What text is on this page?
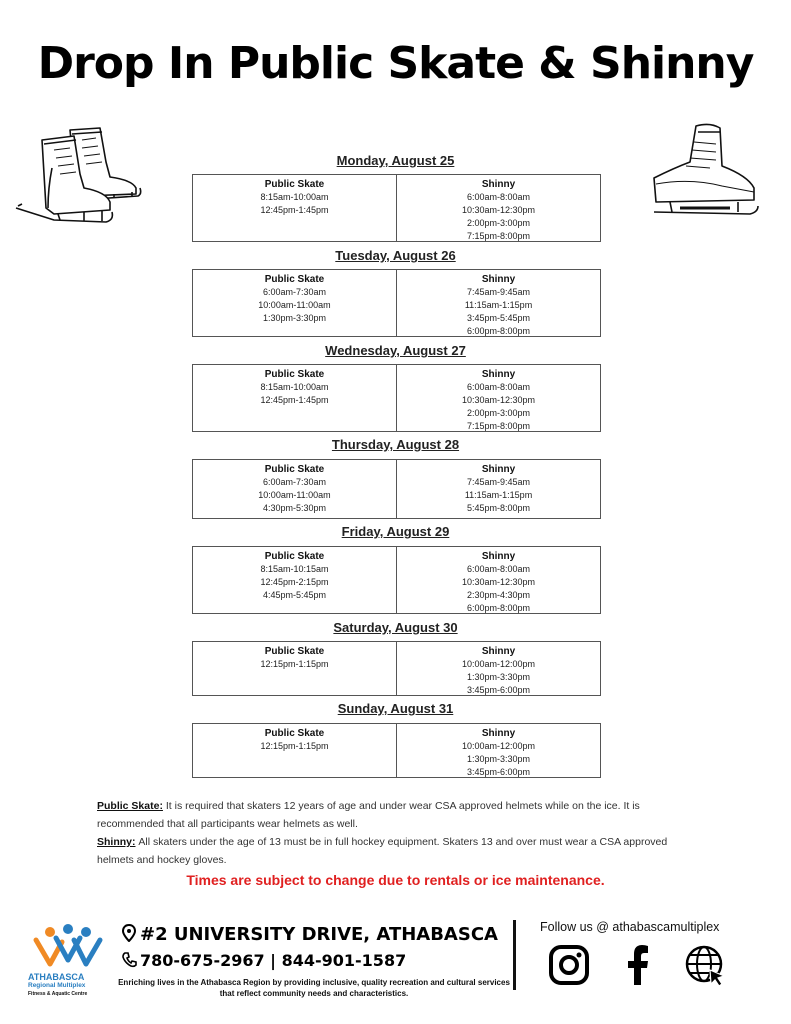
Drop In Public Skate & Shinny
Monday, August 25
Public Skate
8:15am-10:00am
12:45pm-1:45pm
Shinny
6:00am-8:00am
10:30am-12:30pm
2:00pm-3:00pm
7:15pm-8:00pm
Tuesday, August 26
Public Skate
6:00am-7:30am
10:00am-11:00am
1:30pm-3:30pm
Shinny
7:45am-9:45am
11:15am-1:15pm
3:45pm-5:45pm
6:00pm-8:00pm
Wednesday, August 27
Public Skate
8:15am-10:00am
12:45pm-1:45pm
Shinny
6:00am-8:00am
10:30am-12:30pm
2:00pm-3:00pm
7:15pm-8:00pm
Thursday, August 28
Public Skate
6:00am-7:30am
10:00am-11:00am
4:30pm-5:30pm
Shinny
7:45am-9:45am
11:15am-1:15pm
5:45pm-8:00pm
Friday, August 29
Public Skate
8:15am-10:15am
12:45pm-2:15pm
4:45pm-5:45pm
Shinny
6:00am-8:00am
10:30am-12:30pm
2:30pm-4:30pm
6:00pm-8:00pm
Saturday, August 30
Public Skate
12:15pm-1:15pm
Shinny
10:00am-12:00pm
1:30pm-3:30pm
3:45pm-6:00pm
Sunday, August 31
Public Skate
12:15pm-1:15pm
Shinny
10:00am-12:00pm
1:30pm-3:30pm
3:45pm-6:00pm
Public Skate: It is required that skaters 12 years of age and under wear CSA approved helmets while on the ice. It is recommended that all participants wear helmets as well.
Shinny: All skaters under the age of 13 must be in full hockey equipment. Skaters 13 and over must wear a CSA approved helmets and hockey gloves.
Times are subject to change due to rentals or ice maintenance.
ATHABASCA
Regional Multiplex
Fitness & Aquatic Centre
#2 UNIVERSITY DRIVE, ATHABASCA
780-675-2967 | 844-901-1587
Enriching lives in the Athabasca Region by providing inclusive, quality recreation and cultural services that reflect community needs and characteristics.
Follow us @ athabascamultiplex
